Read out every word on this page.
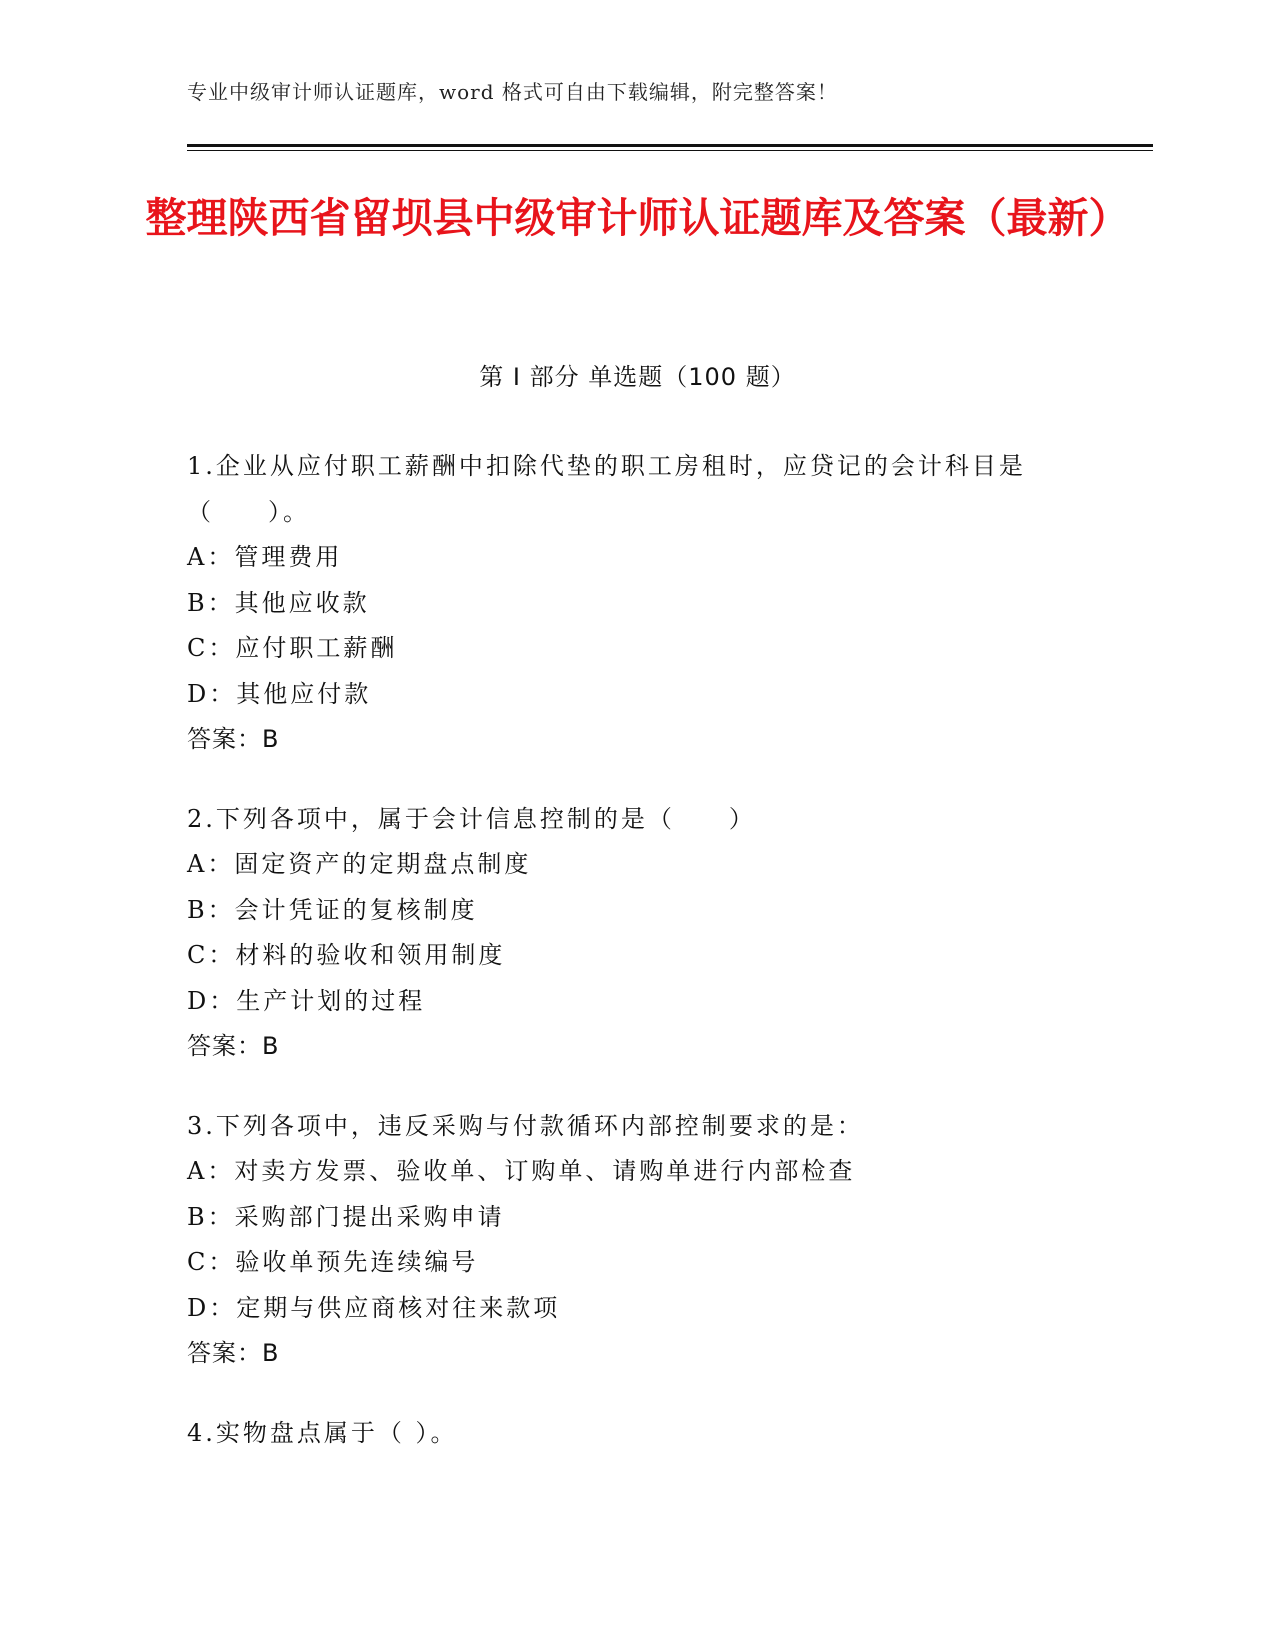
专业中级审计师认证题库，word 格式可自由下载编辑，附完整答案！
整理陕西省留坝县中级审计师认证题库及答案（最新）
第 I 部分 单选题（100 题）

1.企业从应付职工薪酬中扣除代垫的职工房租时，应贷记的会计科目是（　　）。

A：管理费用

B：其他应收款

C：应付职工薪酬

D：其他应付款

答案：B

2.下列各项中，属于会计信息控制的是（　　）

A：固定资产的定期盘点制度

B：会计凭证的复核制度

C：材料的验收和领用制度

D：生产计划的过程

答案：B

3.下列各项中，违反采购与付款循环内部控制要求的是：

A：对卖方发票、验收单、订购单、请购单进行内部检查

B：采购部门提出采购申请

C：验收单预先连续编号

D：定期与供应商核对往来款项

答案：B

4.实物盘点属于（ ）。
